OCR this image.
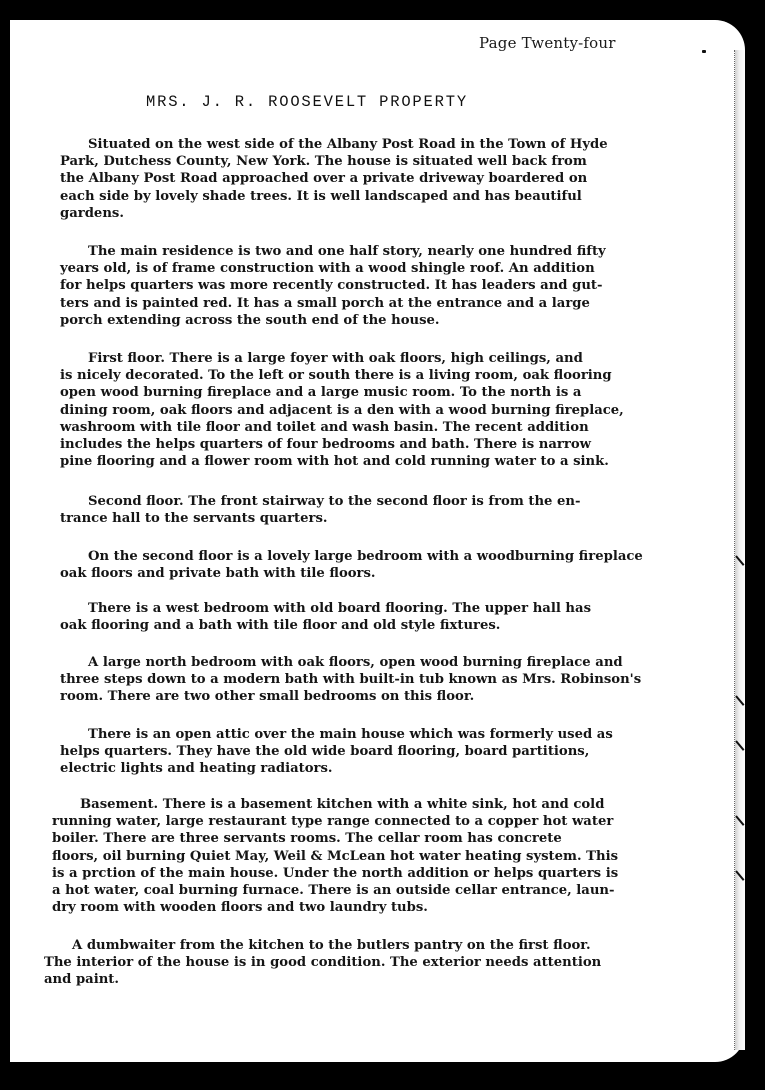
Page Twenty-four
MRS. J. R. ROOSEVELT PROPERTY
Situated on the west side of the Albany Post Road in the Town of Hyde
Park, Dutchess County, New York. The house is situated well back from
the Albany Post Road approached over a private driveway boardered on
each side by lovely shade trees. It is well landscaped and has beautiful
gardens.
The main residence is two and one half story, nearly one hundred fifty
years old, is of frame construction with a wood shingle roof. An addition
for helps quarters was more recently constructed. It has leaders and gut-
ters and is painted red. It has a small porch at the entrance and a large
porch extending across the south end of the house.
First floor. There is a large foyer with oak floors, high ceilings, and
is nicely decorated. To the left or south there is a living room, oak flooring
open wood burning fireplace and a large music room. To the north is a
dining room, oak floors and adjacent is a den with a wood burning fireplace,
washroom with tile floor and toilet and wash basin. The recent addition
includes the helps quarters of four bedrooms and bath. There is narrow
pine flooring and a flower room with hot and cold running water to a sink.
Second floor. The front stairway to the second floor is from the en-
trance hall to the servants quarters.
On the second floor is a lovely large bedroom with a woodburning fireplace
oak floors and private bath with tile floors.
There is a west bedroom with old board flooring. The upper hall has
oak flooring and a bath with tile floor and old style fixtures.
A large north bedroom with oak floors, open wood burning fireplace and
three steps down to a modern bath with built-in tub known as Mrs. Robinson's
room. There are two other small bedrooms on this floor.
There is an open attic over the main house which was formerly used as
helps quarters. They have the old wide board flooring, board partitions,
electric lights and heating radiators.
Basement. There is a basement kitchen with a white sink, hot and cold
running water, large restaurant type range connected to a copper hot water
boiler. There are three servants rooms. The cellar room has concrete
floors, oil burning Quiet May, Weil & McLean hot water heating system. This
is a prction of the main house. Under the north addition or helps quarters is
a hot water, coal burning furnace. There is an outside cellar entrance, laun-
dry room with wooden floors and two laundry tubs.
A dumbwaiter from the kitchen to the butlers pantry on the first floor.
The interior of the house is in good condition. The exterior needs attention
and paint.
